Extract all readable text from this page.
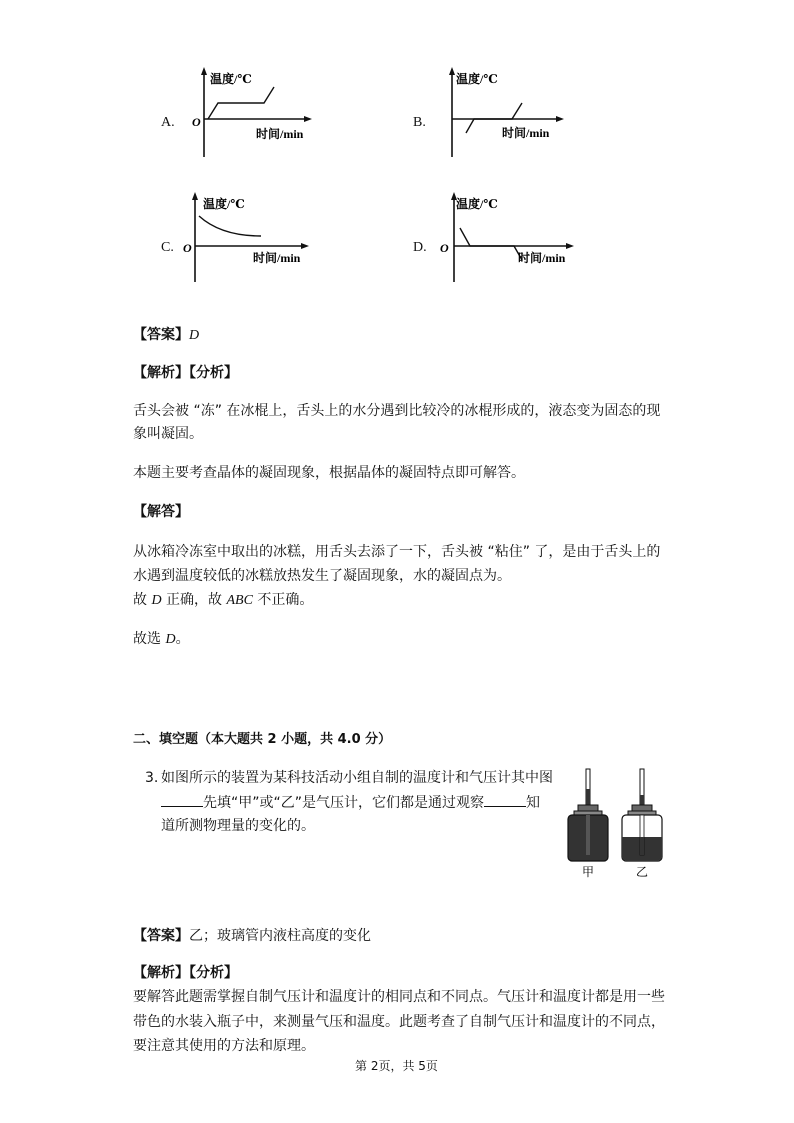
A.
温度/℃
O
时间/min
B.
温度/℃
时间/min
C.
温度/℃
O
时间/min
D.
温度/℃
O
时间/min
【答案】D
【解析】【分析】
舌头会被 “冻” 在冰棍上，舌头上的水分遇到比较冷的冰棍形成的，液态变为固态的现
象叫凝固。
本题主要考查晶体的凝固现象，根据晶体的凝固特点即可解答。
【解答】
从冰箱冷冻室中取出的冰糕，用舌头去添了一下，舌头被 “粘住” 了，是由于舌头上的
水遇到温度较低的冰糕放热发生了凝固现象，水的凝固点为。
故 D 正确，故 ABC 不正确。
故选 D。
二、填空题（本大题共 2 小题，共 4.0 分）
3. 如图所示的装置为某科技活动小组自制的温度计和气压计其中图
先填“甲”或“乙”是气压计，它们都是通过观察	知
道所测物理量的变化的。
甲	乙
【答案】乙；玻璃管内液柱高度的变化
【解析】【分析】
要解答此题需掌握自制气压计和温度计的相同点和不同点。气压计和温度计都是用一些
带色的水装入瓶子中，来测量气压和温度。此题考查了自制气压计和温度计的不同点，
要注意其使用的方法和原理。
第 2页，共 5页
